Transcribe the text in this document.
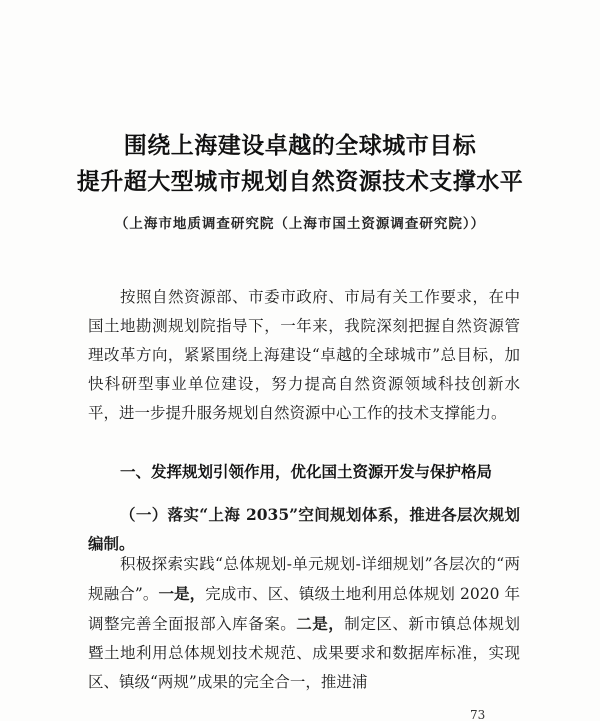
围绕上海建设卓越的全球城市目标
提升超大型城市规划自然资源技术支撑水平
（上海市地质调查研究院（上海市国土资源调查研究院））

按照自然资源部、市委市政府、市局有关工作要求，在中国土地勘测规划院指导下，一年来，我院深刻把握自然资源管理改革方向，紧紧围绕上海建设“卓越的全球城市”总目标，加快科研型事业单位建设，努力提高自然资源领域科技创新水平，进一步提升服务规划自然资源中心工作的技术支撑能力。

一、发挥规划引领作用，优化国土资源开发与保护格局

（一）落实“上海 2035”空间规划体系，推进各层次规划编制。

积极探索实践“总体规划-单元规划-详细规划”各层次的“两规融合”。一是，完成市、区、镇级土地利用总体规划 2020 年调整完善全面报部入库备案。二是，制定区、新市镇总体规划暨土地利用总体规划技术规范、成果要求和数据库标准，实现区、镇级“两规”成果的完全合一，推进浦

73
